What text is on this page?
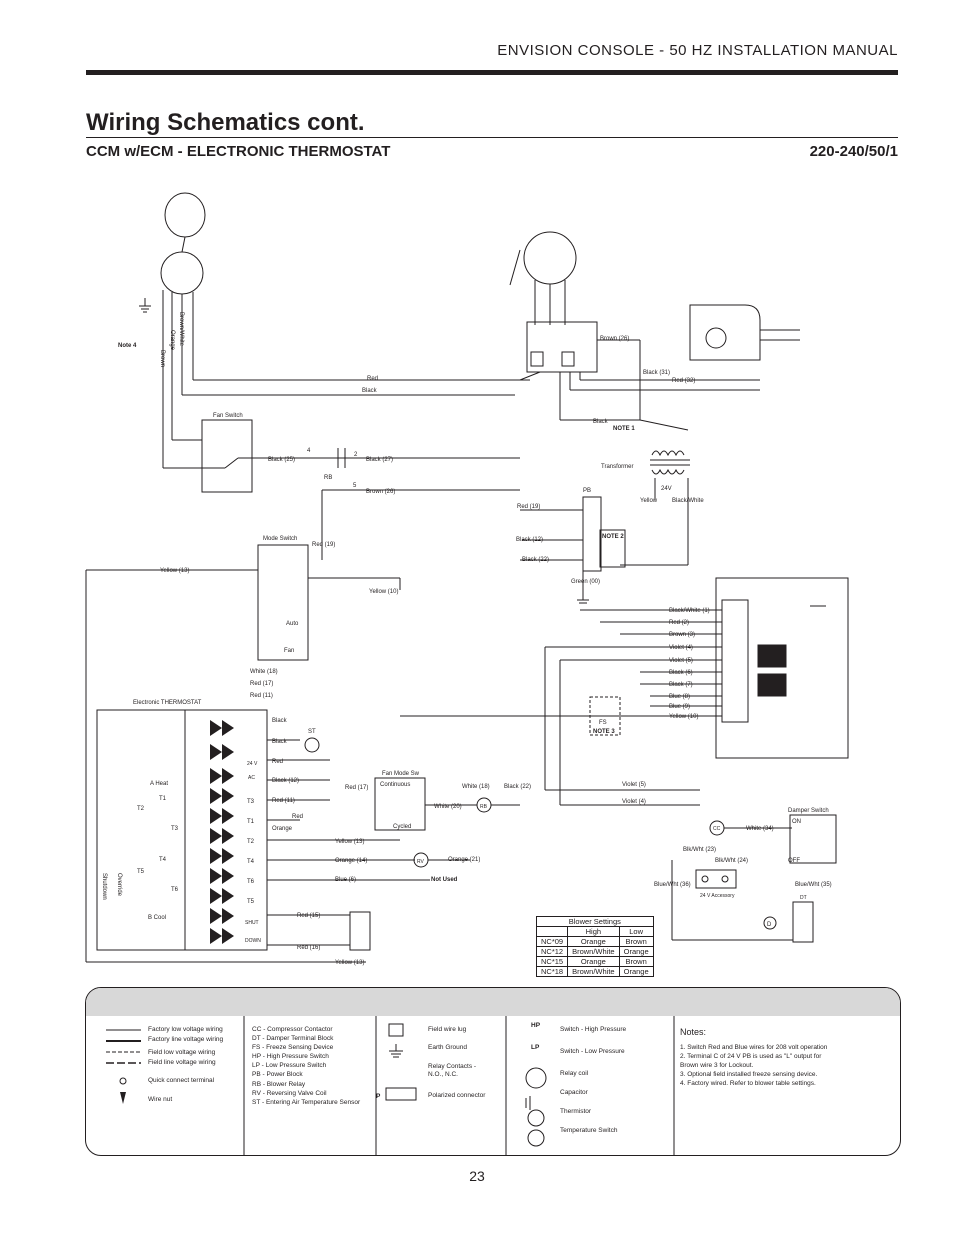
ENVISION CONSOLE - 50 HZ INSTALLATION MANUAL
Wiring Schematics cont.
CCM w/ECM - ELECTRONIC THERMOSTAT	220-240/50/1
Note 4
Red
Black
Brown (26)
Black (31)
Red (32)
Fan Switch
Black (25)	Black (27)
4
2
5
RB
Brown (26)
Black
NOTE 1
Transformer
24V
Yellow Black/White
PB
Red (19)
Black (12)
Black (22)
NOTE 2
Green (00)
Mode Switch
Red (19)
Yellow (13)
Yellow (10)
Auto
Fan
White (18)
Red (17)
Red (11)
Electronic THERMOSTAT
ST
Black
Black
Red
Black (12)
Red (11)
Red
Orange
Red (17)
Fan Mode Sw
Continuous
Cycled
White (18) Black (22)
White (20)	RB
A Heat
B Cool
T1
T2
T3
T4
T5
T6
T3
T1
T2
T4
T6
T5
SHUT
DOWN
24 V
AC
Yellow (13)
Orange (14)	Orange (21)
RV
Blue (6)	Not Used
Red (15)
Red (16)
Yellow (13)
Violet (5)
Violet (4)
CC	White (34)
Blk/Wht (23)
Blk/Wht (24)
Blue/Wht (36)	Blue/Wht (35)
24 V Accessory
Damper Switch
ON
OFF
DT
D
FS
NOTE 3
Brown
Orange Brown/White
Override
Shutdown
Black/White (1)
Red (2)
Brown (3)
Violet (4)
Violet (5)
Black (6)
Black (7)
Blue (8)
Blue (9)
Yellow (10)
Blower Settings		
	High	Low
NC*09	Orange	Brown
NC*12	Brown/White	Orange
NC*15	Orange	Brown
NC*18	Brown/White	Orange
Factory low voltage wiring
Factory line voltage wiring
Field low voltage wiring
Field line voltage wiring
Quick connect terminal
Wire nut
CC - Compressor Contactor
DT - Damper Terminal Block
FS - Freeze Sensing Device
HP - High Pressure Switch
LP - Low Pressure Switch
PB - Power Block
RB - Blower Relay
RV - Reversing Valve Coil
ST - Entering Air Temperature Sensor
Field wire lug
Earth Ground
Relay Contacts -
N.O., N.C.
Polarized connector
P
HP
LP
Switch - High Pressure
Switch - Low Pressure
Relay coil
Capacitor
Thermistor
Temperature Switch
Notes:
1. Switch Red and Blue wires for 208 volt operation
2. Terminal C of 24 V PB is used as "L" output for Brown wire 3 for Lockout.
3. Optional field installed freeze sensing device.
4. Factory wired. Refer to blower table settings.
23
